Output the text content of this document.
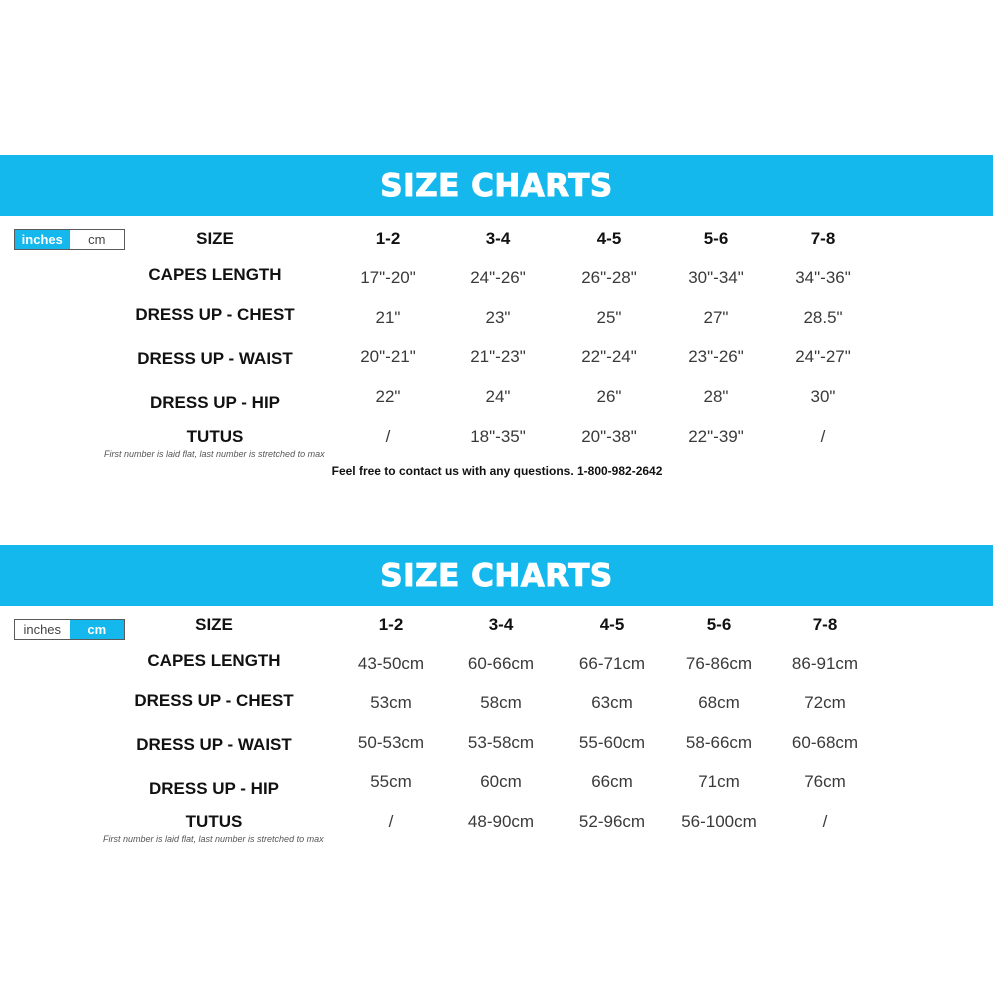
SIZE CHARTS
inches	cm	SIZE	1-2	3-4	4-5	5-6	7-8
CAPES LENGTH	17"-20"	24"-26"	26"-28"	30"-34"	34"-36"
DRESS UP - CHEST	21"	23"	25"	27"	28.5"
DRESS UP - WAIST	20"-21"	21"-23"	22"-24"	23"-26"	24"-27"
DRESS UP - HIP	22"	24"	26"	28"	30"
TUTUS	/	18"-35"	20"-38"	22"-39"	/
First number is laid flat, last number is stretched to max
Feel free to contact us with any questions. 1-800-982-2642
SIZE CHARTS
inches	cm	SIZE	1-2	3-4	4-5	5-6	7-8
CAPES LENGTH	43-50cm	60-66cm	66-71cm 76-86cm 86-91cm
DRESS UP - CHEST	53cm	58cm	63cm	68cm	72cm
DRESS UP - WAIST	50-53cm	53-58cm	55-60cm 58-66cm 60-68cm
DRESS UP - HIP	55cm	60cm	66cm	71cm	76cm
TUTUS	/	48-90cm	52-96cm 56-100cm	/
First number is laid flat, last number is stretched to max
